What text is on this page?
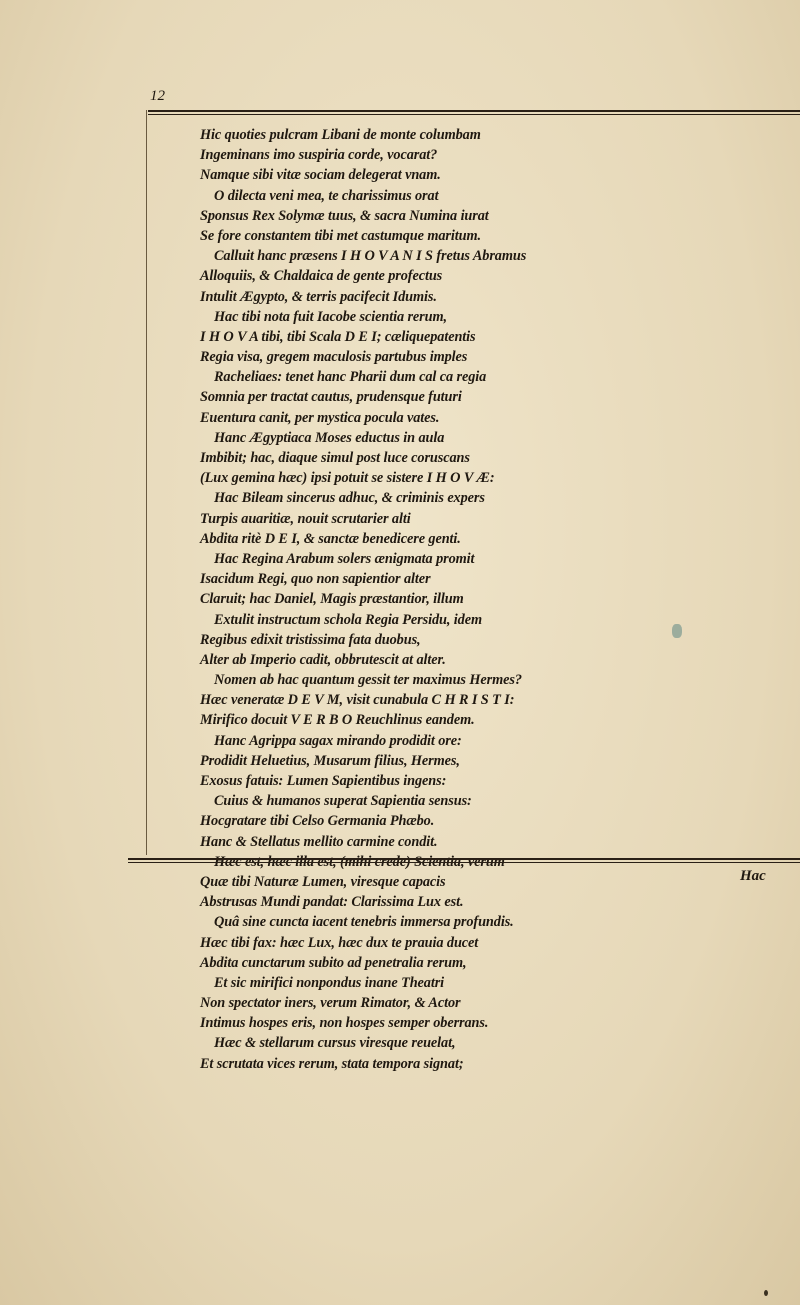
12
Hic quoties pulcram Libani de monte columbam
Ingeminans imo suspiria corde, vocarat?
Namque sibi vitæ sociam delegerat vnam.
O dilecta veni mea, te charissimus orat
Sponsus Rex Solymæ tuus, & sacra Numina iurat
Se fore constantem tibi met castumque maritum.
Calluit hanc præsens I H O V A N I S fretus Abramus
Alloquiis, & Chaldaica de gente profectus
Intulit Ægypto, & terris pacifecit Idumis.
Hac tibi nota fuit Iacobe scientia rerum,
I H O V A tibi, tibi Scala D E I; cæliquepatentis
Regia visa, gregem maculosis partubus imples
Racheliaes: tenet hanc Pharii dum cal ca regia
Somnia per tractat cautus, prudensque futuri
Euentura canit, per mystica pocula vates.
Hanc Ægyptiaca Moses eductus in aula
Imbibit; hac, diaque simul post luce coruscans
(Lux gemina hæc) ipsi potuit se sistere I H O V Æ:
Hac Bileam sincerus adhuc, & criminis expers
Turpis auaritiæ, nouit scrutarier alti
Abdita ritè D E I, & sanctæ benedicere genti.
Hac Regina Arabum solers ænigmata promit
Isacidum Regi, quo non sapientior alter
Claruit; hac Daniel, Magis præstantior, illum
Extulit instructum schola Regia Persidu, idem
Regibus edixit tristissima fata duobus,
Alter ab Imperio cadit, obbrutescit at alter.
Nomen ab hac quantum gessit ter maximus Hermes?
Hæc veneratæ D E V M, visit cunabula C H R I S T I:
Mirifico docuit V E R B O Reuchlinus eandem.
Hanc Agrippa sagax mirando prodidit ore:
Prodidit Heluetius, Musarum filius, Hermes,
Exosus fatuis: Lumen Sapientibus ingens:
Cuius & humanos superat Sapientia sensus:
Hocgratare tibi Celso Germania Phæbo.
Hanc & Stellatus mellito carmine condit.
Hæc est, hæc illa est, (mihi crede) Scientia, verum
Quæ tibi Naturæ Lumen, viresque capacis
Abstrusas Mundi pandat: Clarissima Lux est.
Quâ sine cuncta iacent tenebris immersa profundis.
Hæc tibi fax: hæc Lux, hæc dux te prauia ducet
Abdita cunctarum subito ad penetralia rerum,
Et sic mirifici nonpondus inane Theatri
Non spectator iners, verum Rimator, & Actor
Intimus hospes eris, non hospes semper oberrans.
Hæc & stellarum cursus viresque reuelat,
Et scrutata vices rerum, stata tempora signat;
Hac
